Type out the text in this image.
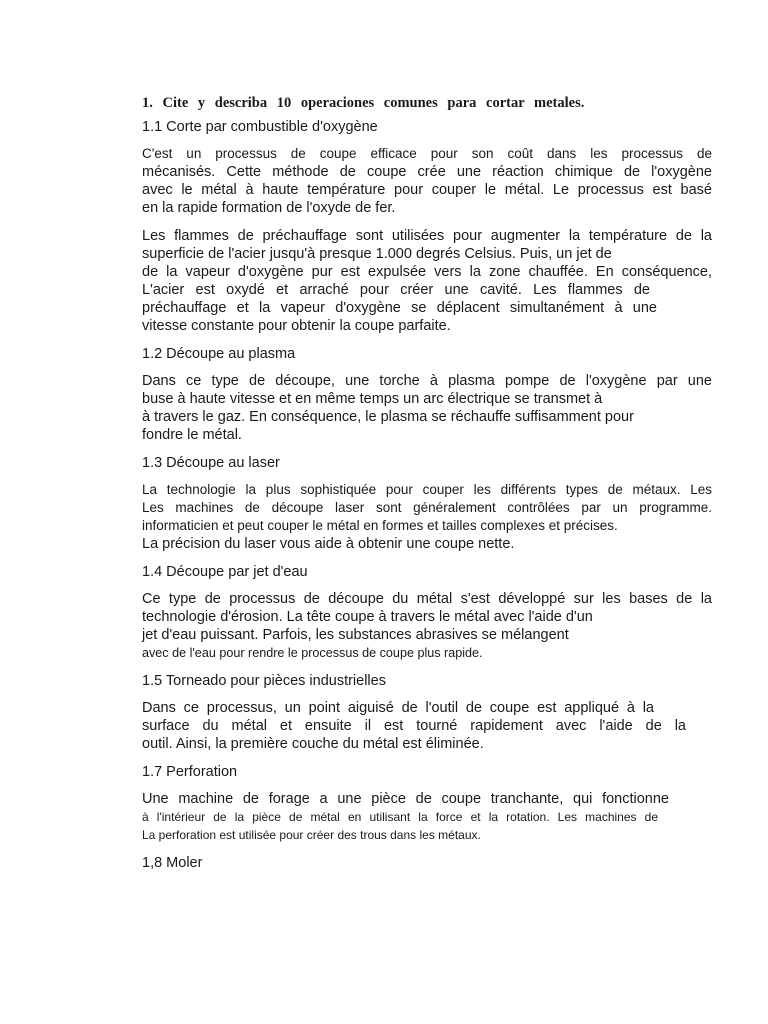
1. Cite y describa 10 operaciones comunes para cortar metales.
1.1 Corte par combustible d'oxygène

C'est un processus de coupe efficace pour son coût dans les processus de
mécanisés. Cette méthode de coupe crée une réaction chimique de l'oxygène
avec le métal à haute température pour couper le métal. Le processus est basé
en la rapide formation de l'oxyde de fer.

Les flammes de préchauffage sont utilisées pour augmenter la température de la
superficie de l'acier jusqu'à presque 1.000 degrés Celsius. Puis, un jet de
de la vapeur d'oxygène pur est expulsée vers la zone chauffée. En conséquence,
L'acier est oxydé et arraché pour créer une cavité. Les flammes de
préchauffage et la vapeur d'oxygène se déplacent simultanément à une
vitesse constante pour obtenir la coupe parfaite.

1.2 Découpe au plasma

Dans ce type de découpe, une torche à plasma pompe de l'oxygène par une
buse à haute vitesse et en même temps un arc électrique se transmet à
à travers le gaz. En conséquence, le plasma se réchauffe suffisamment pour
fondre le métal.

1.3 Découpe au laser

La technologie la plus sophistiquée pour couper les différents types de métaux. Les
Les machines de découpe laser sont généralement contrôlées par un programme.
informaticien et peut couper le métal en formes et tailles complexes et précises.
La précision du laser vous aide à obtenir une coupe nette.

1.4 Découpe par jet d'eau

Ce type de processus de découpe du métal s'est développé sur les bases de la
technologie d'érosion. La tête coupe à travers le métal avec l'aide d'un
jet d'eau puissant. Parfois, les substances abrasives se mélangent
avec de l'eau pour rendre le processus de coupe plus rapide.

1.5 Torneado pour pièces industrielles

Dans ce processus, un point aiguisé de l'outil de coupe est appliqué à la
surface du métal et ensuite il est tourné rapidement avec l'aide de la
outil. Ainsi, la première couche du métal est éliminée.

1.7 Perforation

Une machine de forage a une pièce de coupe tranchante, qui fonctionne
à l'intérieur de la pièce de métal en utilisant la force et la rotation. Les machines de
La perforation est utilisée pour créer des trous dans les métaux.

1,8 Moler
